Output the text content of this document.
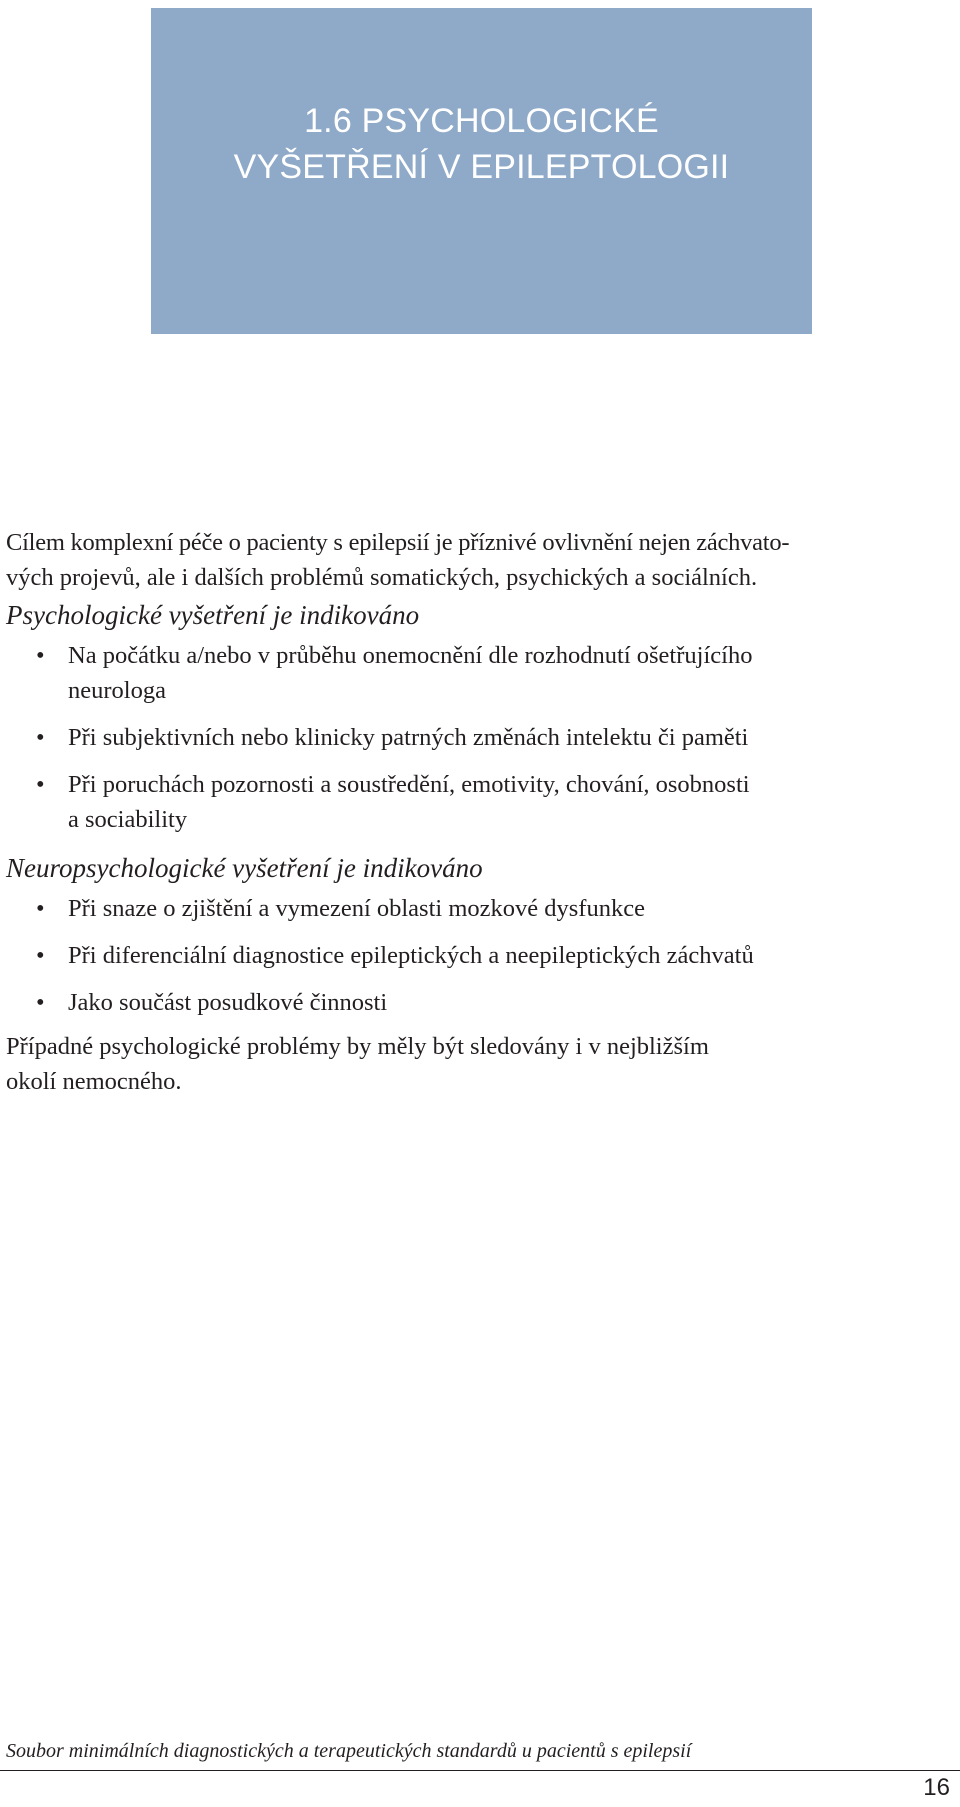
1.6 PSYCHOLOGICKÉ
VYŠETŘENÍ V EPILEPTOLOGII

Cílem komplexní péče o pacienty s epilepsií je příznivé ovlivnění nejen záchvato-
vých projevů, ale i dalších problémů somatických, psychických a sociálních.

Psychologické vyšetření je indikováno

• Na počátku a/nebo v průběhu onemocnění dle rozhodnutí ošetřujícího
neurologa
• Při subjektivních nebo klinicky patrných změnách intelektu či paměti
• Při poruchách pozornosti a soustředění, emotivity, chování, osobnosti
a sociability

Neuropsychologické vyšetření je indikováno

• Při snaze o zjištění a vymezení oblasti mozkové dysfunkce
• Při diferenciální diagnostice epileptických a neepileptických záchvatů
• Jako součást posudkové činnosti

Případné psychologické problémy by měly být sledovány i v nejbližším
okolí nemocného.

Soubor minimálních diagnostických a terapeutických standardů u pacientů s epilepsií
16
